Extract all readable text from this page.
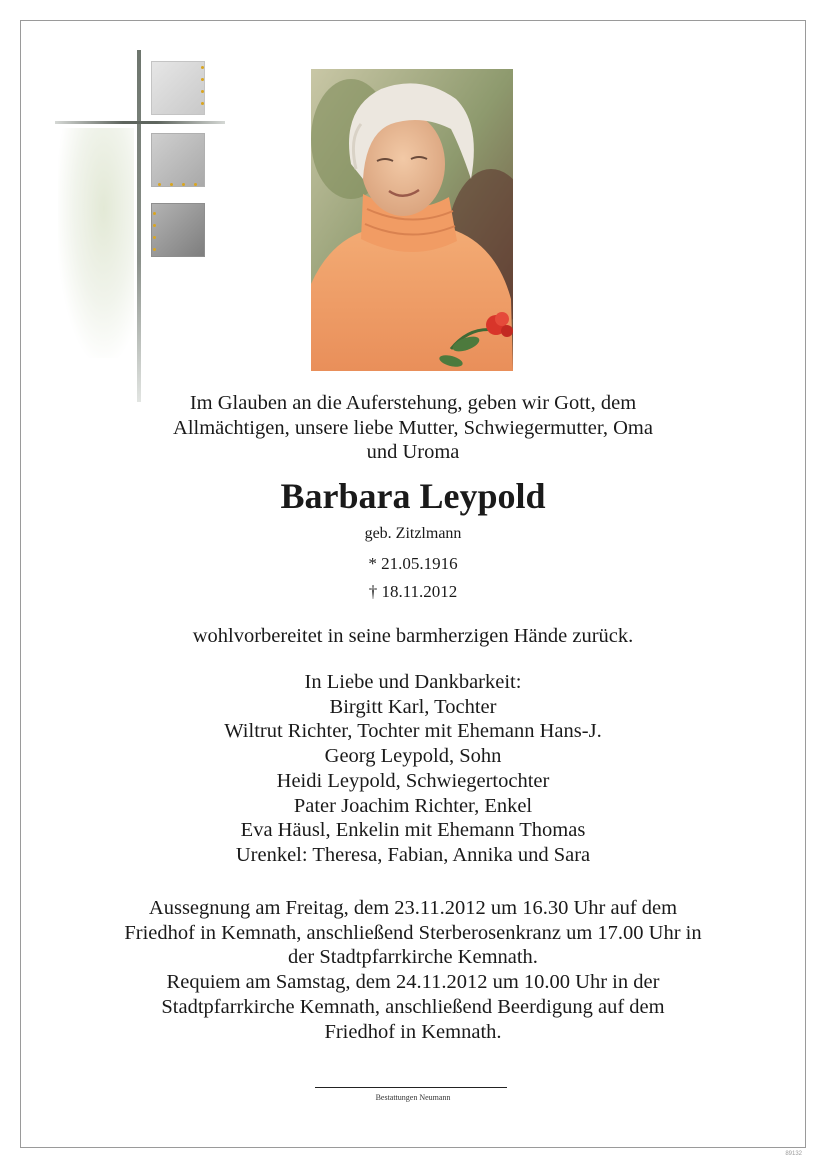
Im Glauben an die Auferstehung, geben wir Gott, dem
Allmächtigen, unsere liebe Mutter, Schwiegermutter, Oma
und Uroma
Barbara Leypold
geb. Zitzlmann
* 21.05.1916
† 18.11.2012
wohlvorbereitet in seine barmherzigen Hände zurück.
In Liebe und Dankbarkeit:
Birgitt Karl, Tochter
Wiltrut Richter, Tochter mit Ehemann Hans-J.
Georg Leypold, Sohn
Heidi Leypold, Schwiegertochter
Pater Joachim Richter, Enkel
Eva Häusl, Enkelin mit Ehemann Thomas
Urenkel: Theresa, Fabian, Annika und Sara
Aussegnung am Freitag, dem 23.11.2012 um 16.30 Uhr auf dem
Friedhof in Kemnath, anschließend Sterberosenkranz um 17.00 Uhr in
der Stadtpfarrkirche Kemnath.
Requiem am Samstag, dem 24.11.2012 um 10.00 Uhr in der
Stadtpfarrkirche Kemnath, anschließend Beerdigung auf dem
Friedhof in Kemnath.
Bestattungen Neumann
89132
